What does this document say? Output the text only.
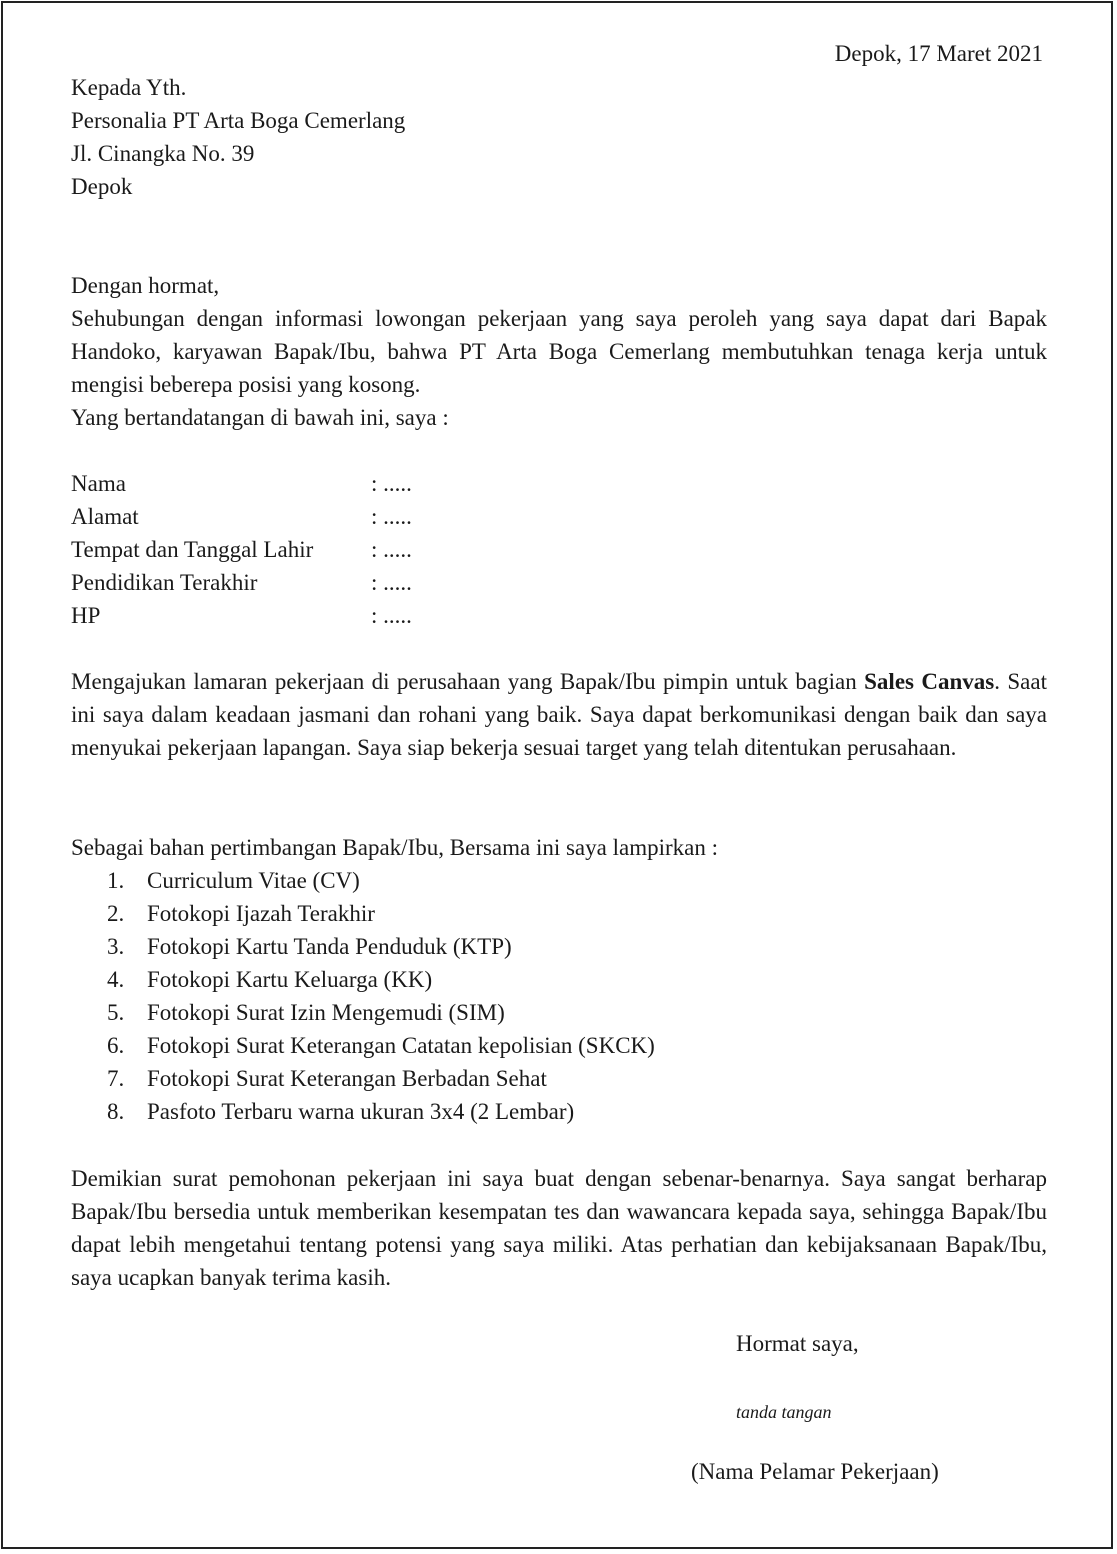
Depok, 17 Maret 2021
Kepada Yth.
Personalia PT Arta Boga Cemerlang
Jl. Cinangka No. 39
Depok
Dengan hormat,
Sehubungan dengan informasi lowongan pekerjaan yang saya peroleh yang saya dapat dari Bapak Handoko, karyawan Bapak/Ibu, bahwa PT Arta Boga Cemerlang membutuhkan tenaga kerja untuk mengisi beberepa posisi yang kosong.
Yang bertandatangan di bawah ini, saya :
Nama	: .....
Alamat	: .....
Tempat dan Tanggal Lahir	: .....
Pendidikan Terakhir	: .....
HP	: .....
Mengajukan lamaran pekerjaan di perusahaan yang Bapak/Ibu pimpin untuk bagian Sales Canvas. Saat ini saya dalam keadaan jasmani dan rohani yang baik. Saya dapat berkomunikasi dengan baik dan saya menyukai pekerjaan lapangan. Saya siap bekerja sesuai target yang telah ditentukan perusahaan.
Sebagai bahan pertimbangan Bapak/Ibu, Bersama ini saya lampirkan :
1. Curriculum Vitae (CV)
2. Fotokopi Ijazah Terakhir
3. Fotokopi Kartu Tanda Penduduk (KTP)
4. Fotokopi Kartu Keluarga (KK)
5. Fotokopi Surat Izin Mengemudi (SIM)
6. Fotokopi Surat Keterangan Catatan kepolisian (SKCK)
7. Fotokopi Surat Keterangan Berbadan Sehat
8. Pasfoto Terbaru warna ukuran 3x4 (2 Lembar)
Demikian surat pemohonan pekerjaan ini saya buat dengan sebenar-benarnya. Saya sangat berharap Bapak/Ibu bersedia untuk memberikan kesempatan tes dan wawancara kepada saya, sehingga Bapak/Ibu dapat lebih mengetahui tentang potensi yang saya miliki. Atas perhatian dan kebijaksanaan Bapak/Ibu, saya ucapkan banyak terima kasih.
Hormat saya,
tanda tangan
(Nama Pelamar Pekerjaan)
